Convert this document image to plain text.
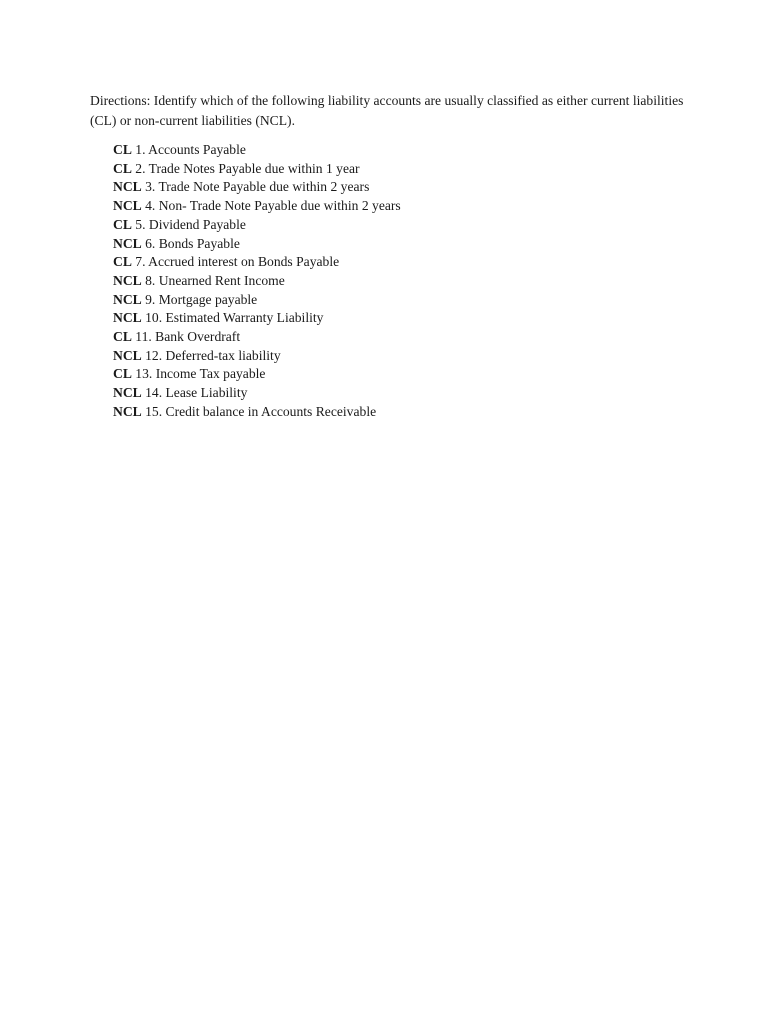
Directions: Identify which of the following liability accounts are usually classified as either current liabilities (CL) or non-current liabilities (NCL).

CL 1. Accounts Payable
CL 2. Trade Notes Payable due within 1 year
NCL 3. Trade Note Payable due within 2 years
NCL 4. Non- Trade Note Payable due within 2 years
CL 5. Dividend Payable
NCL 6. Bonds Payable
CL 7. Accrued interest on Bonds Payable
NCL 8. Unearned Rent Income
NCL 9. Mortgage payable
NCL 10. Estimated Warranty Liability
CL 11. Bank Overdraft
NCL 12. Deferred-tax liability
CL 13. Income Tax payable
NCL 14. Lease Liability
NCL 15. Credit balance in Accounts Receivable
